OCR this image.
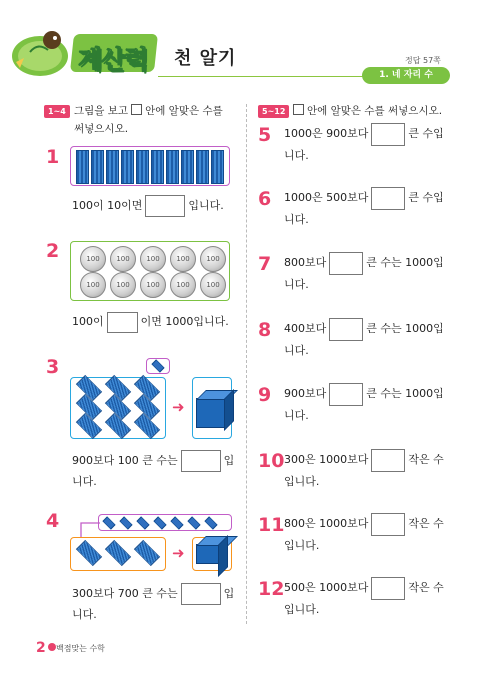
계산력 천 알기	정답 57쪽
1. 네 자리 수
1~4 그림을 보고 안에 알맞은 수를
써넣으시오.
1
100이 10이면	입니다.
2	100	100	100	100	100
100	100	100	100	100
100이	이면 1000입니다.
3
➜
900보다 100 큰 수는	입
니다.
4
➜
300보다 700 큰 수는	입
니다.
5~12	안에 알맞은 수를 써넣으시오.
5 1000은 900보다	큰 수입
니다.
6 1000은 500보다	큰 수입
니다.
7 800보다	큰 수는 1000입
니다.
8 400보다	큰 수는 1000입
니다.
9 900보다	큰 수는 1000입
니다.
10 300은 1000보다	작은 수
입니다.
11 800은 1000보다	작은 수
입니다.
12 500은 1000보다	작은 수
입니다.
2 백점맞는 수학
